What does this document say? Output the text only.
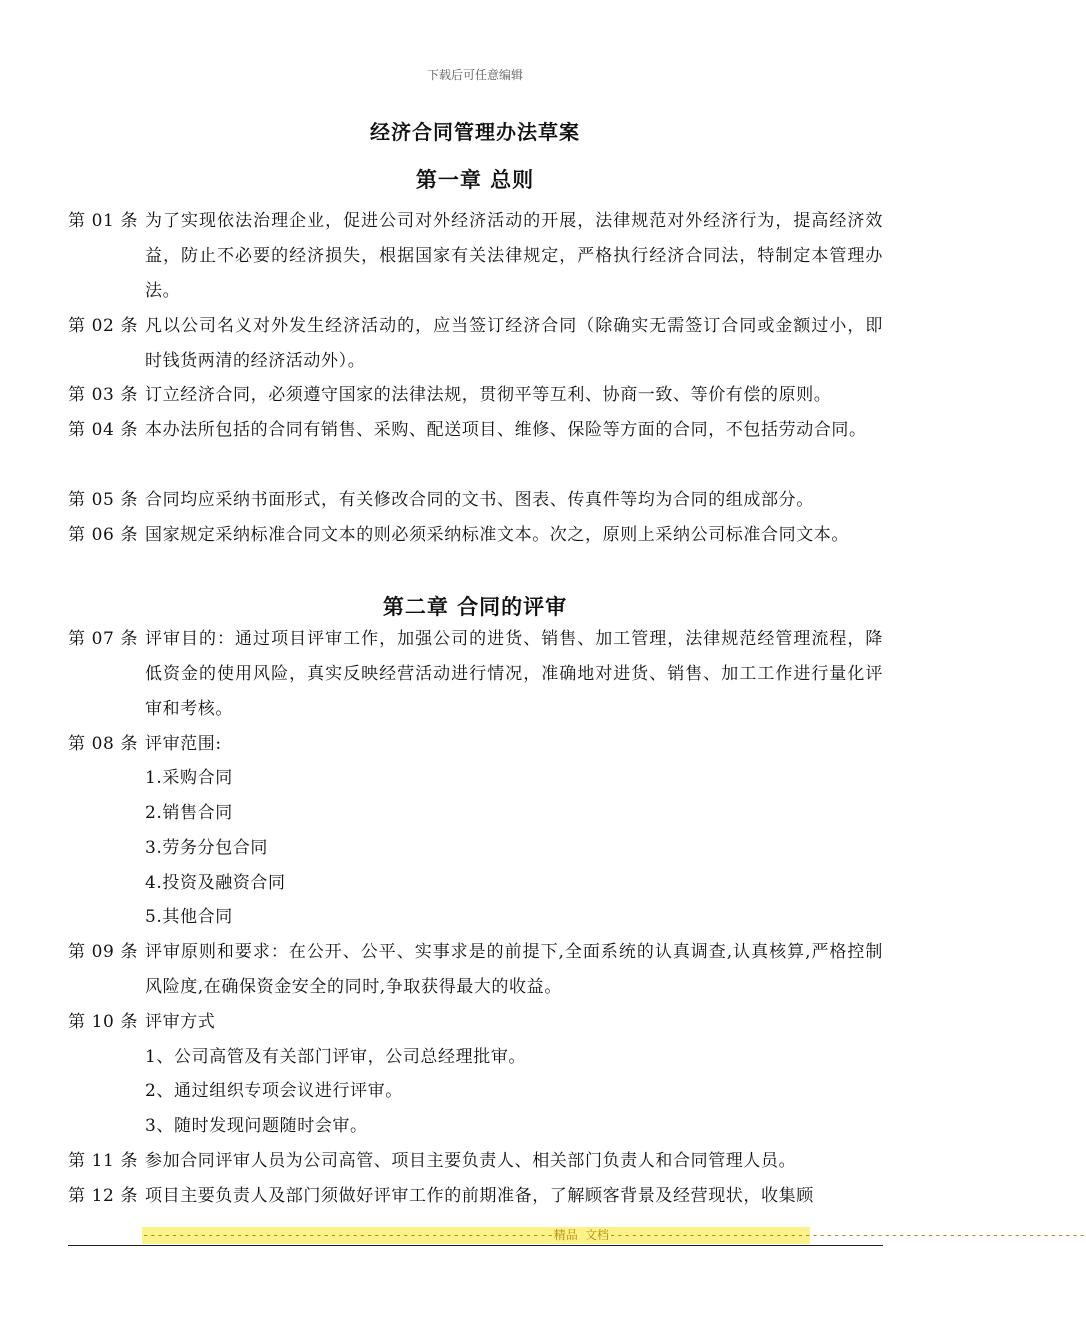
下载后可任意编辑
经济合同管理办法草案
第一章 总则
第 01 条 为了实现依法治理企业，促进公司对外经济活动的开展，法律规范对外经济行为，提高经济效益，防止不必要的经济损失，根据国家有关法律规定，严格执行经济合同法，特制定本管理办法。
第 02 条 凡以公司名义对外发生经济活动的，应当签订经济合同（除确实无需签订合同或金额过小，即时钱货两清的经济活动外）。
第 03 条 订立经济合同，必须遵守国家的法律法规，贯彻平等互利、协商一致、等价有偿的原则。
第 04 条 本办法所包括的合同有销售、采购、配送项目、维修、保险等方面的合同，不包括劳动合同。
第 05 条 合同均应采纳书面形式，有关修改合同的文书、图表、传真件等均为合同的组成部分。
第 06 条 国家规定采纳标准合同文本的则必须采纳标准文本。次之，原则上采纳公司标准合同文本。
第二章 合同的评审
第 07 条 评审目的：通过项目评审工作，加强公司的进货、销售、加工管理，法律规范经管理流程，降低资金的使用风险，真实反映经营活动进行情况，准确地对进货、销售、加工工作进行量化评审和考核。
第 08 条 评审范围:
1.采购合同
2.销售合同
3.劳务分包合同
4.投资及融资合同
5.其他合同
第 09 条 评审原则和要求：在公开、公平、实事求是的前提下,全面系统的认真调查,认真核算,严格控制风险度,在确保资金安全的同时,争取获得最大的收益。
第 10 条 评审方式
1、公司高管及有关部门评审，公司总经理批审。
2、通过组织专项会议进行评审。
3、随时发现问题随时会审。
第 11 条 参加合同评审人员为公司高管、项目主要负责人、相关部门负责人和合同管理人员。
第 12 条 项目主要负责人及部门须做好评审工作的前期准备，了解顾客背景及经营现状，收集顾
---------------------------------------------------------精品 文档------------------------------------------------------------------
